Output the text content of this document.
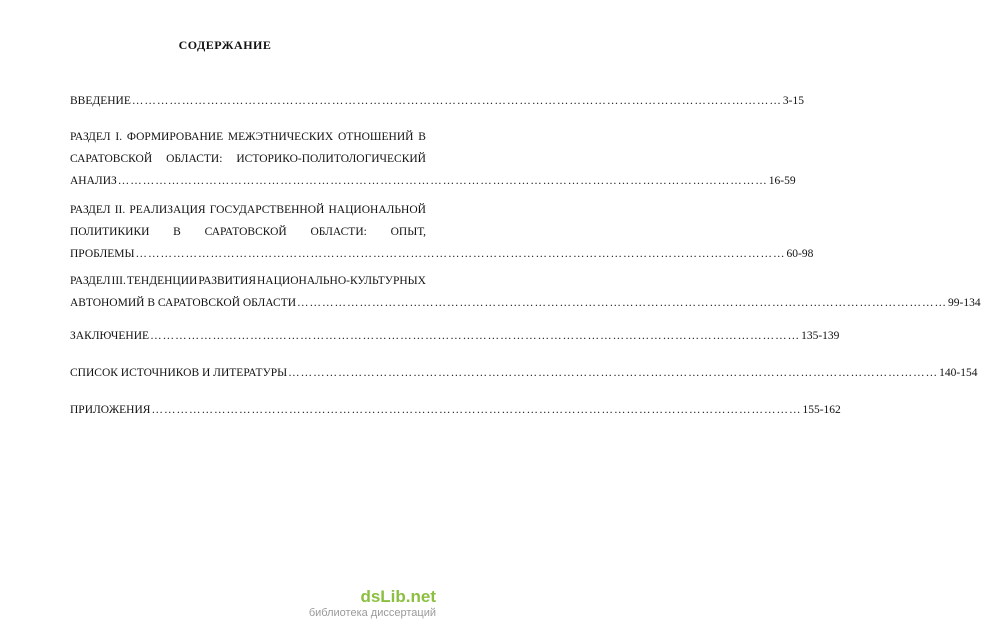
СОДЕРЖАНИЕ
ВВЕДЕНИЕ ………………………………………………………………………………………………………………………………………… 3-15
РАЗДЕЛ I. ФОРМИРОВАНИЕ МЕЖЭТНИЧЕСКИХ ОТНОШЕНИЙ В
САРАТОВСКОЙ ОБЛАСТИ: ИСТОРИКО-ПОЛИТОЛОГИЧЕСКИЙ
АНАЛИЗ ………………………………………………………………………………………………………………………………………… 16-59
РАЗДЕЛ II. РЕАЛИЗАЦИЯ ГОСУДАРСТВЕННОЙ НАЦИОНАЛЬНОЙ
ПОЛИТИКИКИ В САРАТОВСКОЙ ОБЛАСТИ: ОПЫТ,
ПРОБЛЕМЫ ………………………………………………………………………………………………………………………………………… 60-98
РАЗДЕЛ III. ТЕНДЕНЦИИ РАЗВИТИЯ НАЦИОНАЛЬНО-КУЛЬТУРНЫХ
АВТОНОМИЙ В САРАТОВСКОЙ ОБЛАСТИ ………………………………………………………………………………………………………………………………………… 99-134
ЗАКЛЮЧЕНИЕ ………………………………………………………………………………………………………………………………………… 135-139
СПИСОК ИСТОЧНИКОВ И ЛИТЕРАТУРЫ ………………………………………………………………………………………………………………………………………… 140-154
ПРИЛОЖЕНИЯ ………………………………………………………………………………………………………………………………………… 155-162
dsLib.net
библиотека диссертаций
